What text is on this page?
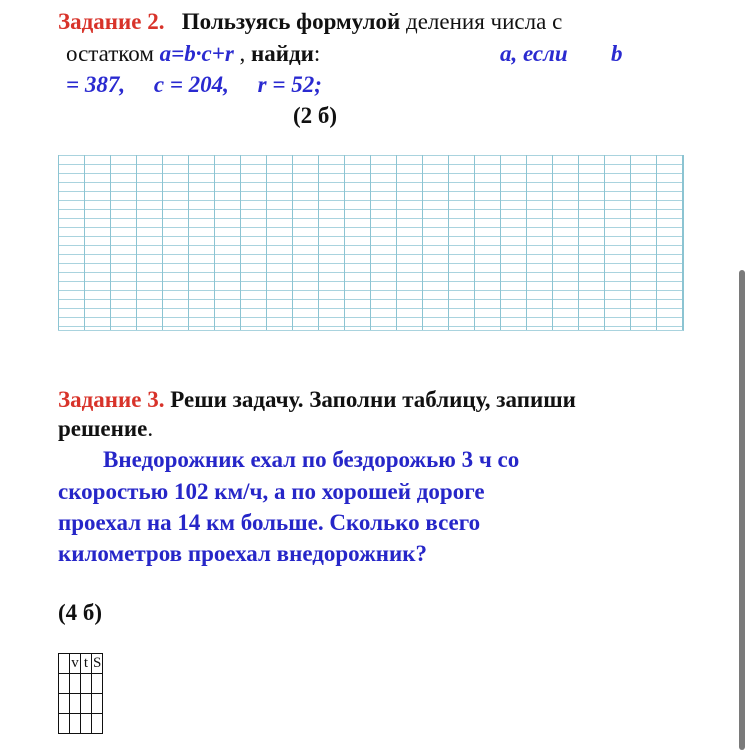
Задание 2. Пользуясь формулой деления числа с
остатком a=b·c+r , найди:	a, если b
= 387,     c = 204,     r = 52;
(2 б)
Задание 3. Реши задачу. Заполни таблицу, запиши
решение.
Внедорожник ехал по бездорожью 3 ч со
скоростью 102 км/ч, а по хорошей дороге
проехал на 14 км больше. Сколько всего
километров проехал внедорожник?
(4 б)
	v	t	S
